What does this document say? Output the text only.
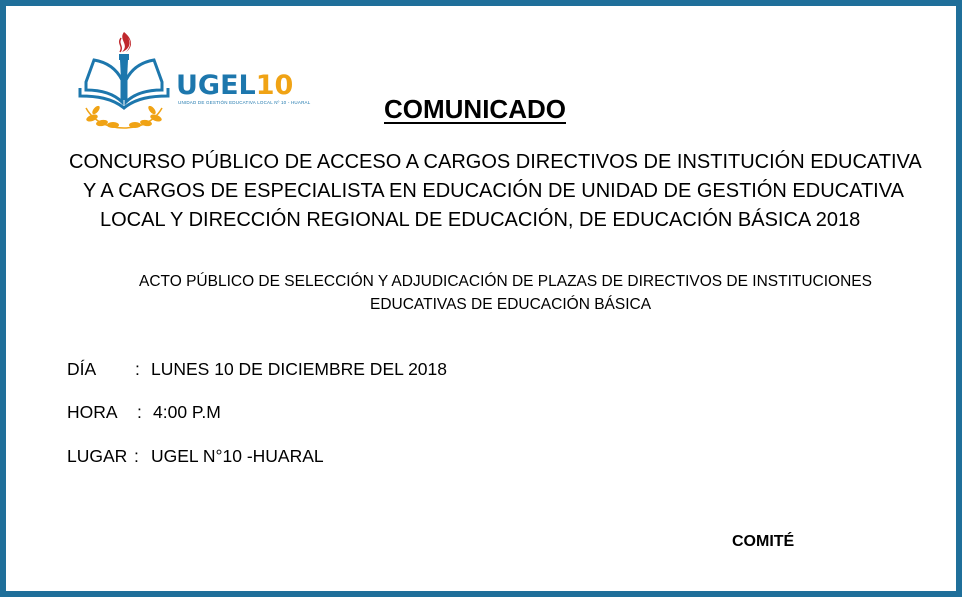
UGEL10
UNIDAD DE GESTIÓN EDUCATIVA LOCAL Nº 10 - HUARAL	COMUNICADO
CONCURSO PÚBLICO DE ACCESO A CARGOS DIRECTIVOS DE INSTITUCIÓN EDUCATIVA
Y A CARGOS DE ESPECIALISTA EN EDUCACIÓN DE UNIDAD DE GESTIÓN EDUCATIVA
LOCAL Y DIRECCIÓN REGIONAL DE EDUCACIÓN, DE EDUCACIÓN BÁSICA 2018
ACTO PÚBLICO DE SELECCIÓN Y ADJUDICACIÓN DE PLAZAS DE DIRECTIVOS DE INSTITUCIONES
EDUCATIVAS DE EDUCACIÓN BÁSICA
DÍA : LUNES 10 DE DICIEMBRE DEL 2018
HORA : 4:00 P.M
LUGAR : UGEL N°10 -HUARAL
COMITÉ
